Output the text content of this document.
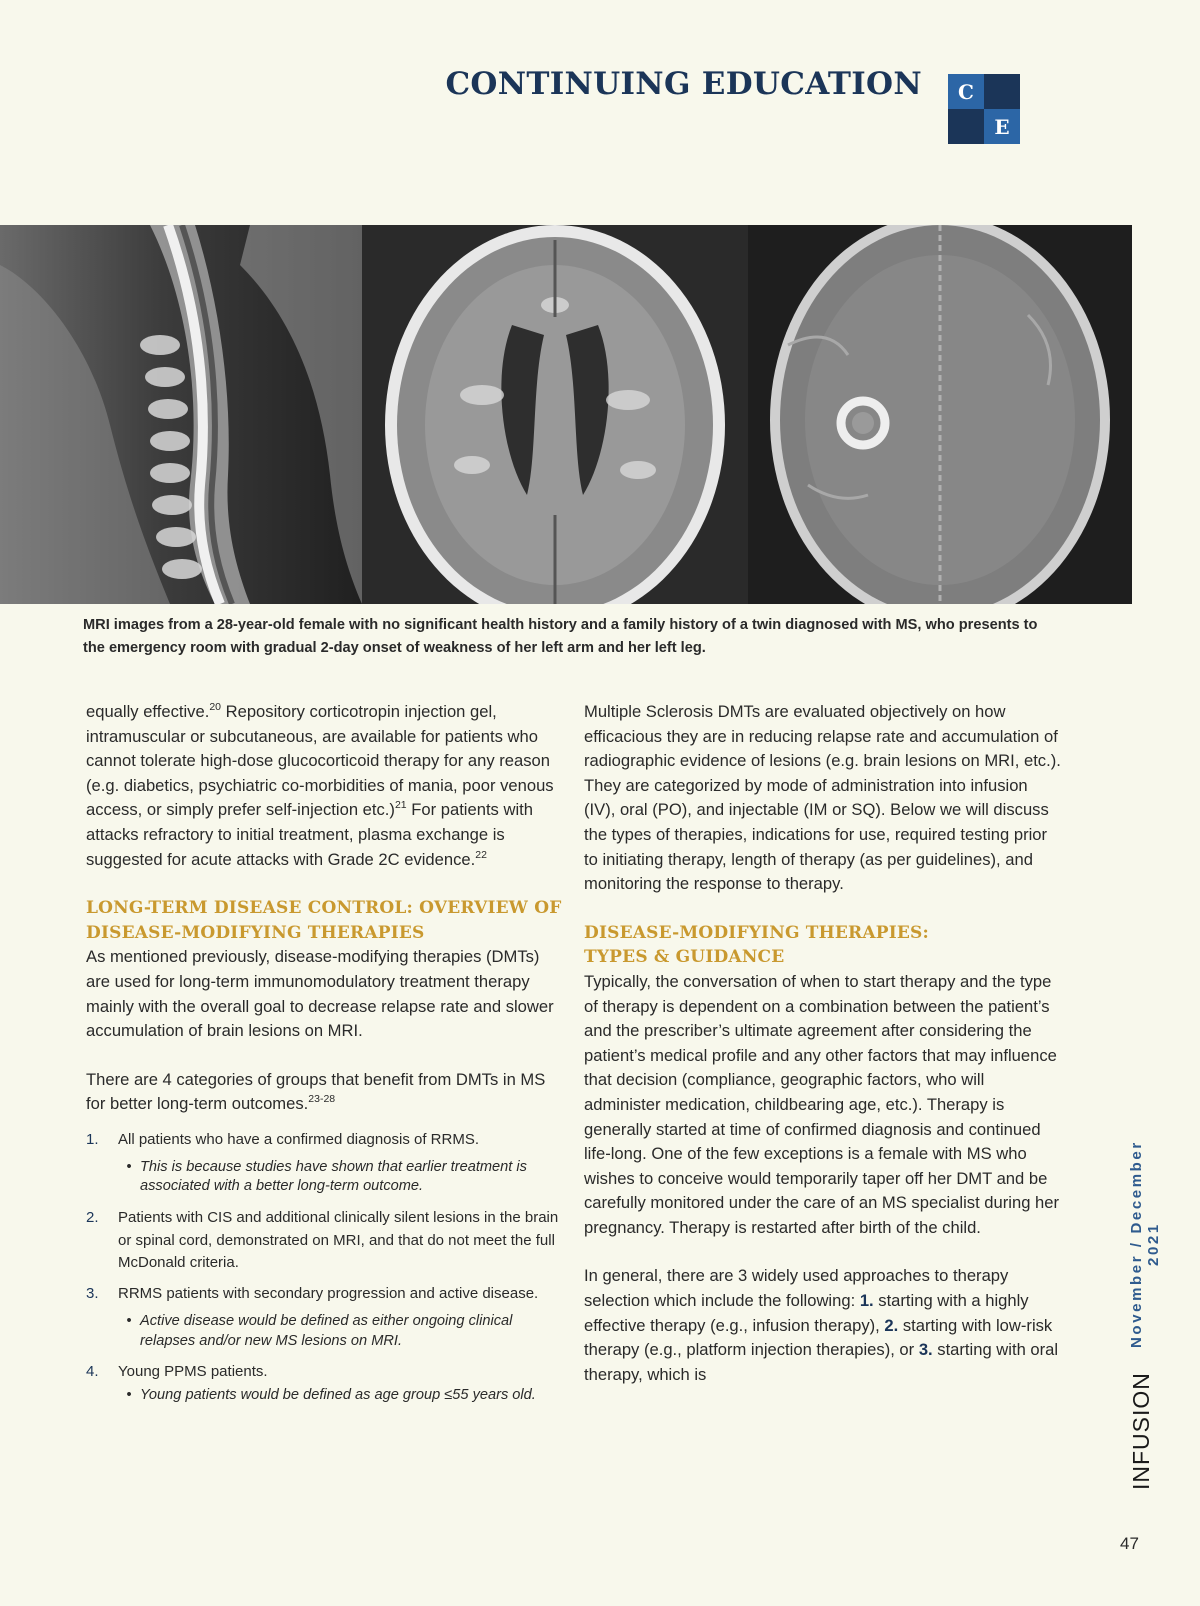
CONTINUING EDUCATION	C
E

MRI images from a 28-year-old female with no significant health history and a family history of a twin diagnosed with MS, who presents to the emergency room with gradual 2-day onset of weakness of her left arm and her left leg.

equally effective.$^{20}$ Repository corticotropin injection gel, intramuscular or subcutaneous, are available for patients who cannot tolerate high-dose glucocorticoid therapy for any reason (e.g. diabetics, psychiatric co-morbidities of mania, poor venous access, or simply prefer self-injection etc.)$^{21}$ For patients with attacks refractory to initial treatment, plasma exchange is suggested for acute attacks with Grade 2C evidence.$^{22}$

LONG-TERM DISEASE CONTROL: OVERVIEW OF
DISEASE-MODIFYING THERAPIES

As mentioned previously, disease-modifying therapies (DMTs) are used for long-term immunomodulatory treatment therapy mainly with the overall goal to decrease relapse rate and slower accumulation of brain lesions on MRI.

There are 4 categories of groups that benefit from DMTs in MS for better long-term outcomes.$^{23-28}$

1.	All patients who have a confirmed diagnosis of RRMS.
• This is because studies have shown that earlier treatment is associated with a better long-term outcome.
2.	Patients with CIS and additional clinically silent lesions in the brain or spinal cord, demonstrated on MRI, and that do not meet the full McDonald criteria.
3.	RRMS patients with secondary progression and active disease.
• Active disease would be defined as either ongoing clinical relapses and/or new MS lesions on MRI.
4.	Young PPMS patients.
• Young patients would be defined as age group ≤55 years old.

Multiple Sclerosis DMTs are evaluated objectively on how efficacious they are in reducing relapse rate and accumulation of radiographic evidence of lesions (e.g. brain lesions on MRI, etc.). They are categorized by mode of administration into infusion (IV), oral (PO), and injectable (IM or SQ). Below we will discuss the types of therapies, indications for use, required testing prior to initiating therapy, length of therapy (as per guidelines), and monitoring the response to therapy.

DISEASE-MODIFYING THERAPIES:
TYPES & GUIDANCE

Typically, the conversation of when to start therapy and the type of therapy is dependent on a combination between the patient’s and the prescriber’s ultimate agreement after considering the patient’s medical profile and any other factors that may influence that decision (compliance, geographic factors, who will administer medication, childbearing age, etc.). Therapy is generally started at time of confirmed diagnosis and continued life-long. One of the few exceptions is a female with MS who wishes to conceive would temporarily taper off her DMT and be carefully monitored under the care of an MS specialist during her pregnancy. Therapy is restarted after birth of the child.

In general, there are 3 widely used approaches to therapy selection which include the following: 1. starting with a highly effective therapy (e.g., infusion therapy), 2. starting with low-risk therapy (e.g., platform injection therapies), or 3. starting with oral therapy, which is

November / December 2021
INFUSION
47
